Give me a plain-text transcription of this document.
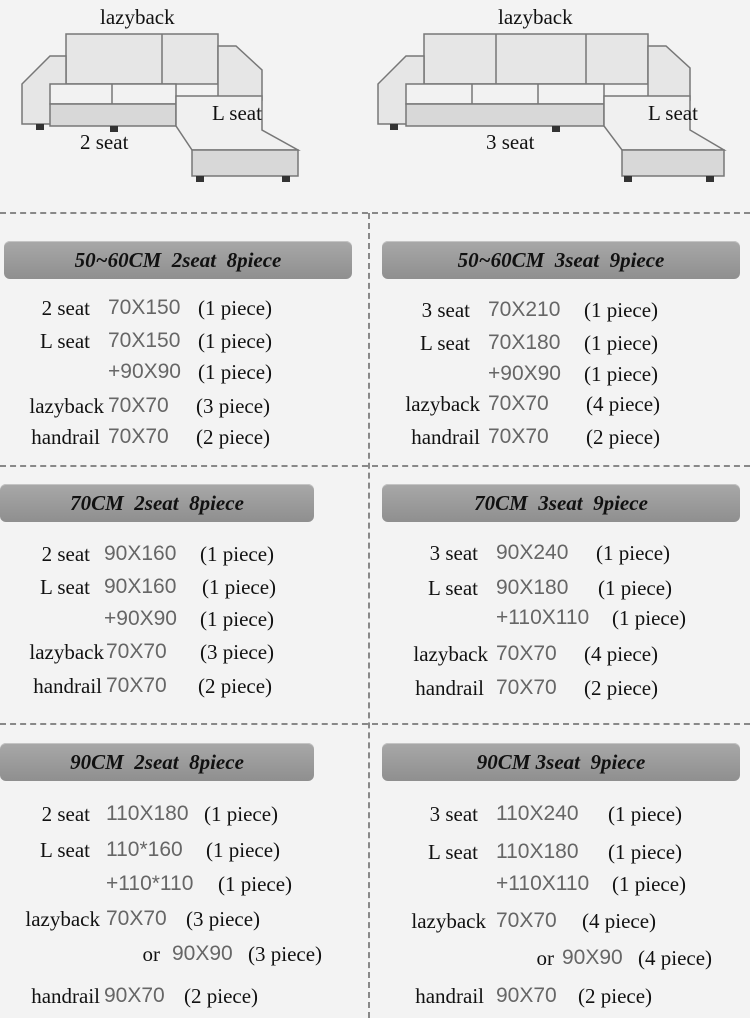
lazyback
L seat
2 seat
lazyback
L seat
3 seat
50~60CM  2seat  8piece
2 seat 70X150 (1 piece)
L seat 70X150 (1 piece)
+90X90 (1 piece)
lazyback 70X70 (3 piece)
handrail 70X70 (2 piece)
50~60CM  3seat  9piece
3 seat 70X210 (1 piece)
L seat 70X180 (1 piece)
+90X90 (1 piece)
lazyback 70X70 (4 piece)
handrail 70X70 (2 piece)
70CM  2seat  8piece
2 seat 90X160 (1 piece)
L seat 90X160 (1 piece)
+90X90 (1 piece)
lazyback 70X70 (3 piece)
handrail 70X70 (2 piece)
70CM  3seat  9piece
3 seat 90X240 (1 piece)
L seat 90X180 (1 piece)
+110X110 (1 piece)
lazyback 70X70 (4 piece)
handrail 70X70 (2 piece)
90CM  2seat  8piece
2 seat 110X180 (1 piece)
L seat 110*160 (1 piece)
+110*110 (1 piece)
lazyback 70X70 (3 piece)
or 90X90 (3 piece)
handrail 90X70 (2 piece)
90CM 3seat  9piece
3 seat 110X240 (1 piece)
L seat 110X180 (1 piece)
+110X110 (1 piece)
lazyback 70X70 (4 piece)
or 90X90 (4 piece)
handrail 90X70 (2 piece)
